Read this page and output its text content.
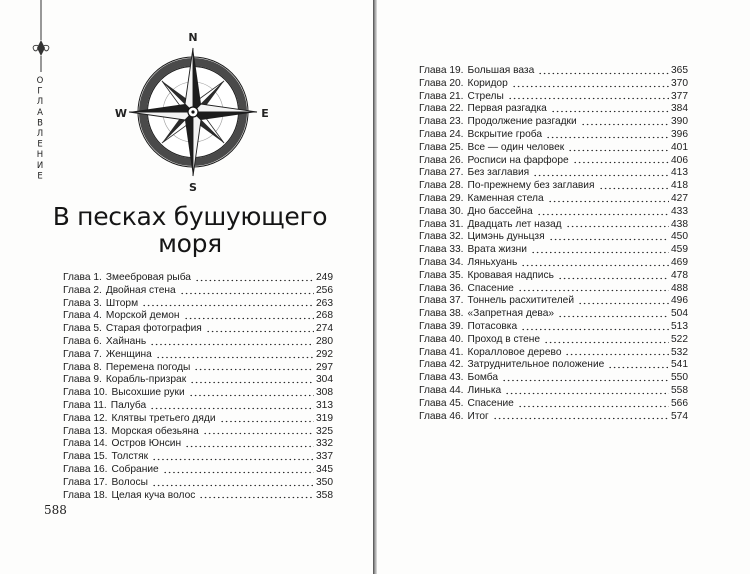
ОГЛАВЛЕНИЕ
N
S
W	E
В песках бушующего
моря
Глава 1. Змеебровая рыба	249
Глава 2. Двойная стена	256
Глава 3. Шторм	263
Глава 4. Морской демон	268
Глава 5. Старая фотография	274
Глава 6. Хайнань	280
Глава 7. Женщина	292
Глава 8. Перемена погоды	297
Глава 9. Корабль-призрак	304
Глава 10. Высохшие руки	308
Глава 11. Палуба	313
Глава 12. Клятвы третьего дяди	319
Глава 13. Морская обезьяна	325
Глава 14. Остров Юнсин	332
Глава 15. Толстяк	337
Глава 16. Собрание	345
Глава 17. Волосы	350
Глава 18. Целая куча волос	358
Глава 19. Большая ваза	365
Глава 20. Коридор	370
Глава 21. Стрелы	377
Глава 22. Первая разгадка	384
Глава 23. Продолжение разгадки	390
Глава 24. Вскрытие гроба	396
Глава 25. Все — один человек	401
Глава 26. Росписи на фарфоре	406
Глава 27. Без заглавия	413
Глава 28. По-прежнему без заглавия	418
Глава 29. Каменная стела	427
Глава 30. Дно бассейна	433
Глава 31. Двадцать лет назад	438
Глава 32. Цимэнь дуньцзя	450
Глава 33. Врата жизни	459
Глава 34. Ляньхуань	469
Глава 35. Кровавая надпись	478
Глава 36. Спасение	488
Глава 37. Тоннель расхитителей	496
Глава 38. «Запретная дева»	504
Глава 39. Потасовка	513
Глава 40. Проход в стене	522
Глава 41. Коралловое дерево	532
Глава 42. Затруднительное положение	541
Глава 43. Бомба	550
Глава 44. Линька	558
Глава 45. Спасение	566
Глава 46. Итог	574
588
